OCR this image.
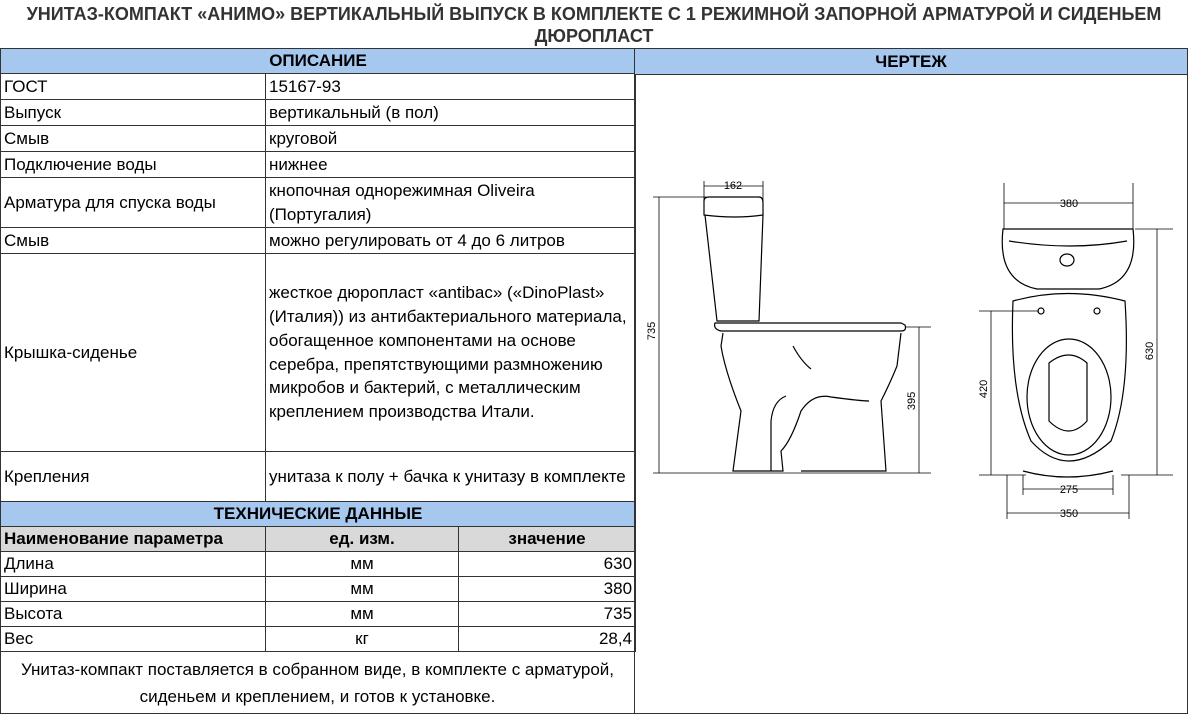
УНИТАЗ-КОМПАКТ «АНИМО» ВЕРТИКАЛЬНЫЙ ВЫПУСК В КОМПЛЕКТЕ С 1 РЕЖИМНОЙ ЗАПОРНОЙ АРМАТУРОЙ И СИДЕНЬЕМ ДЮРОПЛАСТ
ОПИСАНИЕ	
ГОСТ	15167-93
Выпуск	вертикальный (в пол)
Смыв	круговой
Подключение воды	нижнее
Арматура для спуска воды	кнопочная однорежимная Oliveira (Португалия)
Смыв	можно регулировать от 4 до 6 литров
Крышка-сиденье	жесткое дюропласт «antibac» («DinoPlast» (Италия)) из антибактериального материала, обогащенное компонентами на основе серебра, препятствующими размножению микробов и бактерий, с металлическим креплением производства Итали.
Крепления	унитаза к полу + бачка к унитазу в комплекте
ТЕХНИЧЕСКИЕ ДАННЫЕ		
Наименование параметра	ед. изм.	значение
Длина	мм	630
Ширина	мм	380
Высота	мм	735
Вес	кг	28,4
Унитаз-компакт поставляется в собранном виде, в комплекте с арматурой, сиденьем и креплением, и готов к установке.
ЧЕРТЕЖ
162
735
395
380
630
420
275
350
